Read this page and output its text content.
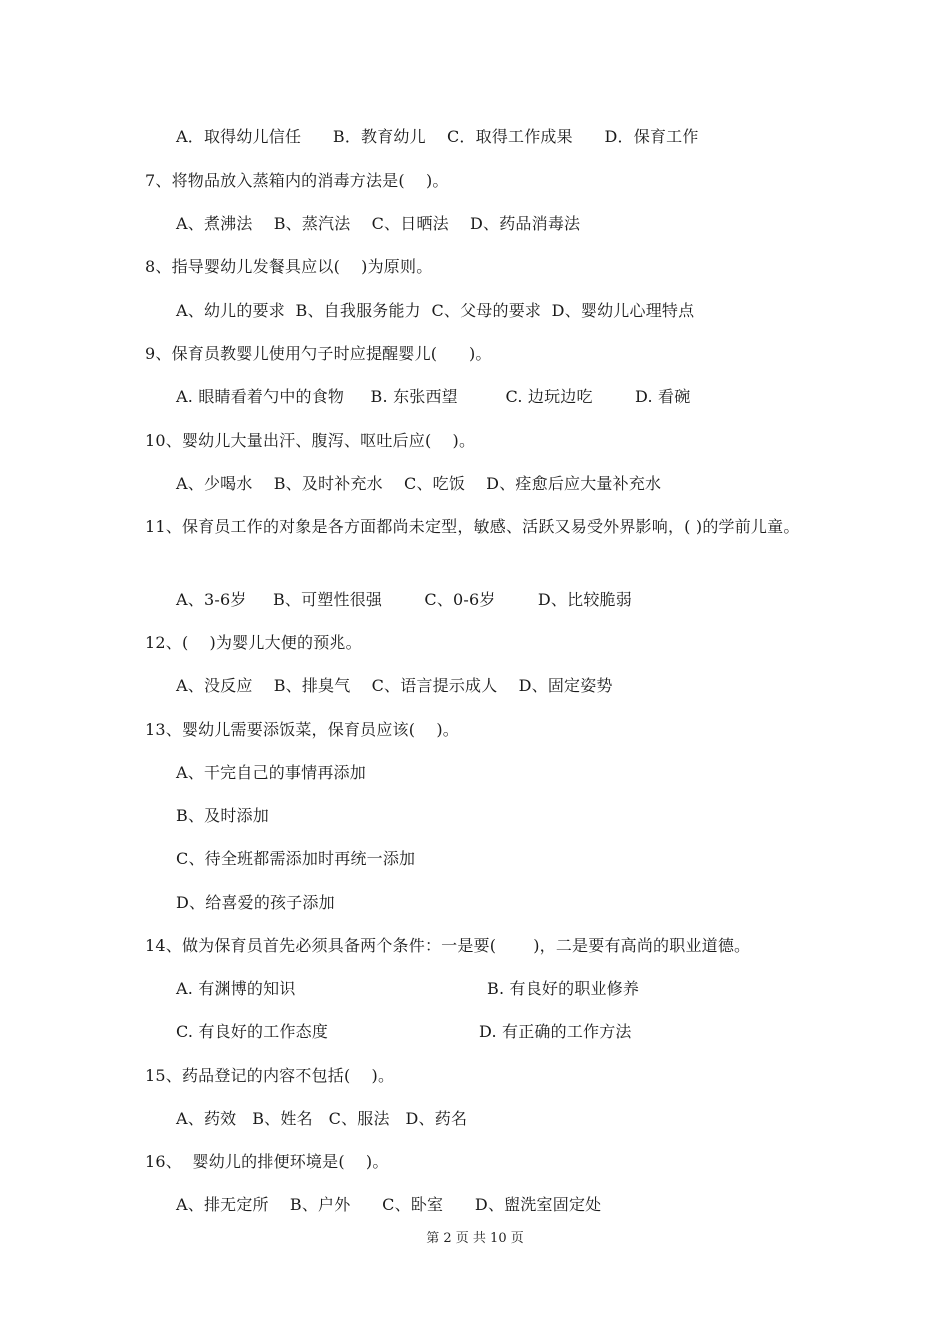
A．取得幼儿信任      B．教育幼儿    C．取得工作成果      D．保育工作
7、将物品放入蒸箱内的消毒方法是(    )。
A、煮沸法    B、蒸汽法    C、日晒法    D、药品消毒法
8、指导婴幼儿发餐具应以(    )为原则。
A、幼儿的要求  B、自我服务能力  C、父母的要求  D、婴幼儿心理特点
9、保育员教婴儿使用勺子时应提醒婴儿(      )。
A. 眼睛看着勺中的食物     B. 东张西望         C. 边玩边吃        D. 看碗
10、婴幼儿大量出汗、腹泻、呕吐后应(    )。
A、少喝水    B、及时补充水    C、吃饭    D、痊愈后应大量补充水
11、保育员工作的对象是各方面都尚未定型，敏感、活跃又易受外界影响，( )的学前儿童。
A、3-6岁     B、可塑性很强        C、0-6岁        D、比较脆弱
12、(    )为婴儿大便的预兆。
A、没反应    B、排臭气    C、语言提示成人    D、固定姿势
13、婴幼儿需要添饭菜，保育员应该(    )。
A、干完自己的事情再添加
B、及时添加
C、待全班都需添加时再统一添加
D、给喜爱的孩子添加
14、做为保育员首先必须具备两个条件：一是要(       )，二是要有高尚的职业道德。
A. 有渊博的知识	B. 有良好的职业修养
C. 有良好的工作态度	D. 有正确的工作方法
15、药品登记的内容不包括(    )。
A、药效   B、姓名   C、服法   D、药名
16、  婴幼儿的排便环境是(    )。
A、排无定所    B、户外      C、卧室      D、盥洗室固定处
第 2 页 共 10 页
